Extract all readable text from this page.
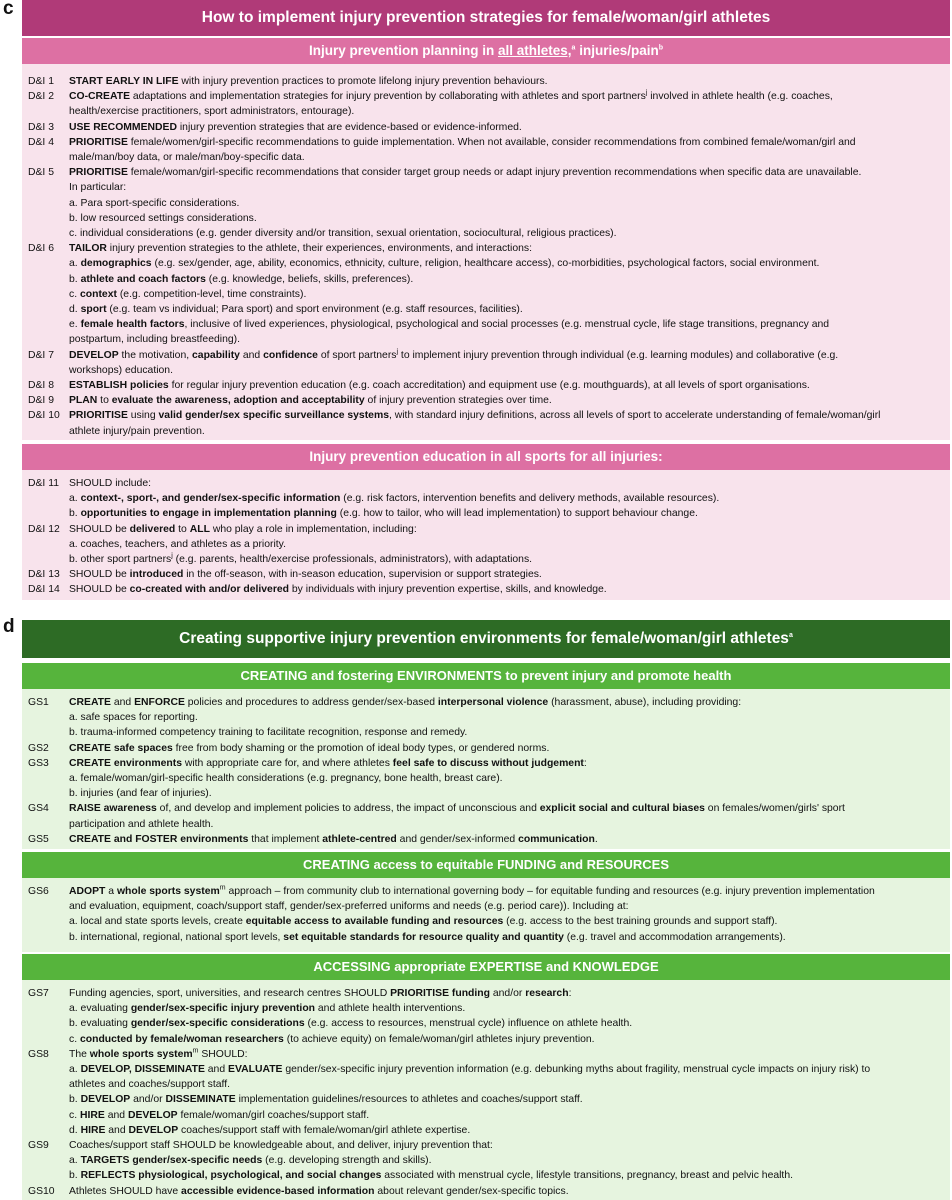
c	How to implement injury prevention strategies for female/woman/girl athletes
Injury prevention planning in all athletes,$^a$ injuries/pain$^b$
D&I 1	START EARLY IN LIFE with injury prevention practices to promote lifelong injury prevention behaviours.
D&I 2	CO-CREATE adaptations and implementation strategies for injury prevention by collaborating with athletes and sport partners$^j$ involved in athlete health (e.g. coaches,
health/exercise practitioners, sport administrators, entourage).
D&I 3	USE RECOMMENDED injury prevention strategies that are evidence-based or evidence-informed.
D&I 4	PRIORITISE female/women/girl-specific recommendations to guide implementation. When not available, consider recommendations from combined female/woman/girl and
male/man/boy data, or male/man/boy-specific data.
D&I 5	PRIORITISE female/woman/girl-specific recommendations that consider target group needs or adapt injury prevention recommendations when specific data are unavailable.
In particular:
a. Para sport-specific considerations.
b. low resourced settings considerations.
c. individual considerations (e.g. gender diversity and/or transition, sexual orientation, sociocultural, religious practices).
D&I 6	TAILOR injury prevention strategies to the athlete, their experiences, environments, and interactions:
a. demographics (e.g. sex/gender, age, ability, economics, ethnicity, culture, religion, healthcare access), co-morbidities, psychological factors, social environment.
b. athlete and coach factors (e.g. knowledge, beliefs, skills, preferences).
c. context (e.g. competition-level, time constraints).
d. sport (e.g. team vs individual; Para sport) and sport environment (e.g. staff resources, facilities).
e. female health factors, inclusive of lived experiences, physiological, psychological and social processes (e.g. menstrual cycle, life stage transitions, pregnancy and
postpartum, including breastfeeding).
D&I 7	DEVELOP the motivation, capability and confidence of sport partners$^j$ to implement injury prevention through individual (e.g. learning modules) and collaborative (e.g.
workshops) education.
D&I 8	ESTABLISH policies for regular injury prevention education (e.g. coach accreditation) and equipment use (e.g. mouthguards), at all levels of sport organisations.
D&I 9	PLAN to evaluate the awareness, adoption and acceptability of injury prevention strategies over time.
D&I 10 PRIORITISE using valid gender/sex specific surveillance systems, with standard injury definitions, across all levels of sport to accelerate understanding of female/woman/girl
athlete injury/pain prevention.
Injury prevention education in all sports for all injuries:
D&I 11 SHOULD include:
a. context-, sport-, and gender/sex-specific information (e.g. risk factors, intervention benefits and delivery methods, available resources).
b. opportunities to engage in implementation planning (e.g. how to tailor, who will lead implementation) to support behaviour change.
D&I 12 SHOULD be delivered to ALL who play a role in implementation, including:
a. coaches, teachers, and athletes as a priority.
b. other sport partners$^j$ (e.g. parents, health/exercise professionals, administrators), with adaptations.
D&I 13 SHOULD be introduced in the off-season, with in-season education, supervision or support strategies.
D&I 14 SHOULD be co-created with and/or delivered by individuals with injury prevention expertise, skills, and knowledge.
d
Creating supportive injury prevention environments for female/woman/girl athletes$^a$
CREATING and fostering ENVIRONMENTS to prevent injury and promote health
GS1	CREATE and ENFORCE policies and procedures to address gender/sex-based interpersonal violence (harassment, abuse), including providing:
a. safe spaces for reporting.
b. trauma-informed competency training to facilitate recognition, response and remedy.
GS2	CREATE safe spaces free from body shaming or the promotion of ideal body types, or gendered norms.
GS3	CREATE environments with appropriate care for, and where athletes feel safe to discuss without judgement:
a. female/woman/girl-specific health considerations (e.g. pregnancy, bone health, breast care).
b. injuries (and fear of injuries).
GS4	RAISE awareness of, and develop and implement policies to address, the impact of unconscious and explicit social and cultural biases on females/women/girls' sport
participation and athlete health.
GS5	CREATE and FOSTER environments that implement athlete-centred and gender/sex-informed communication.
CREATING access to equitable FUNDING and RESOURCES
GS6	ADOPT a whole sports system$^m$ approach – from community club to international governing body – for equitable funding and resources (e.g. injury prevention implementation
and evaluation, equipment, coach/support staff, gender/sex-preferred uniforms and needs (e.g. period care)). Including at:
a. local and state sports levels, create equitable access to available funding and resources (e.g. access to the best training grounds and support staff).
b. international, regional, national sport levels, set equitable standards for resource quality and quantity (e.g. travel and accommodation arrangements).
ACCESSING appropriate EXPERTISE and KNOWLEDGE
GS7	Funding agencies, sport, universities, and research centres SHOULD PRIORITISE funding and/or research:
a. evaluating gender/sex-specific injury prevention and athlete health interventions.
b. evaluating gender/sex-specific considerations (e.g. access to resources, menstrual cycle) influence on athlete health.
c. conducted by female/woman researchers (to achieve equity) on female/woman/girl athletes injury prevention.
GS8	The whole sports system$^m$ SHOULD:
a. DEVELOP, DISSEMINATE and EVALUATE gender/sex-specific injury prevention information (e.g. debunking myths about fragility, menstrual cycle impacts on injury risk) to
athletes and coaches/support staff.
b. DEVELOP and/or DISSEMINATE implementation guidelines/resources to athletes and coaches/support staff.
c. HIRE and DEVELOP female/woman/girl coaches/support staff.
d. HIRE and DEVELOP coaches/support staff with female/woman/girl athlete expertise.
GS9	Coaches/support staff SHOULD be knowledgeable about, and deliver, injury prevention that:
a. TARGETS gender/sex-specific needs (e.g. developing strength and skills).
b. REFLECTS physiological, psychological, and social changes associated with menstrual cycle, lifestyle transitions, pregnancy, breast and pelvic health.
GS10	Athletes SHOULD have accessible evidence-based information about relevant gender/sex-specific topics.
